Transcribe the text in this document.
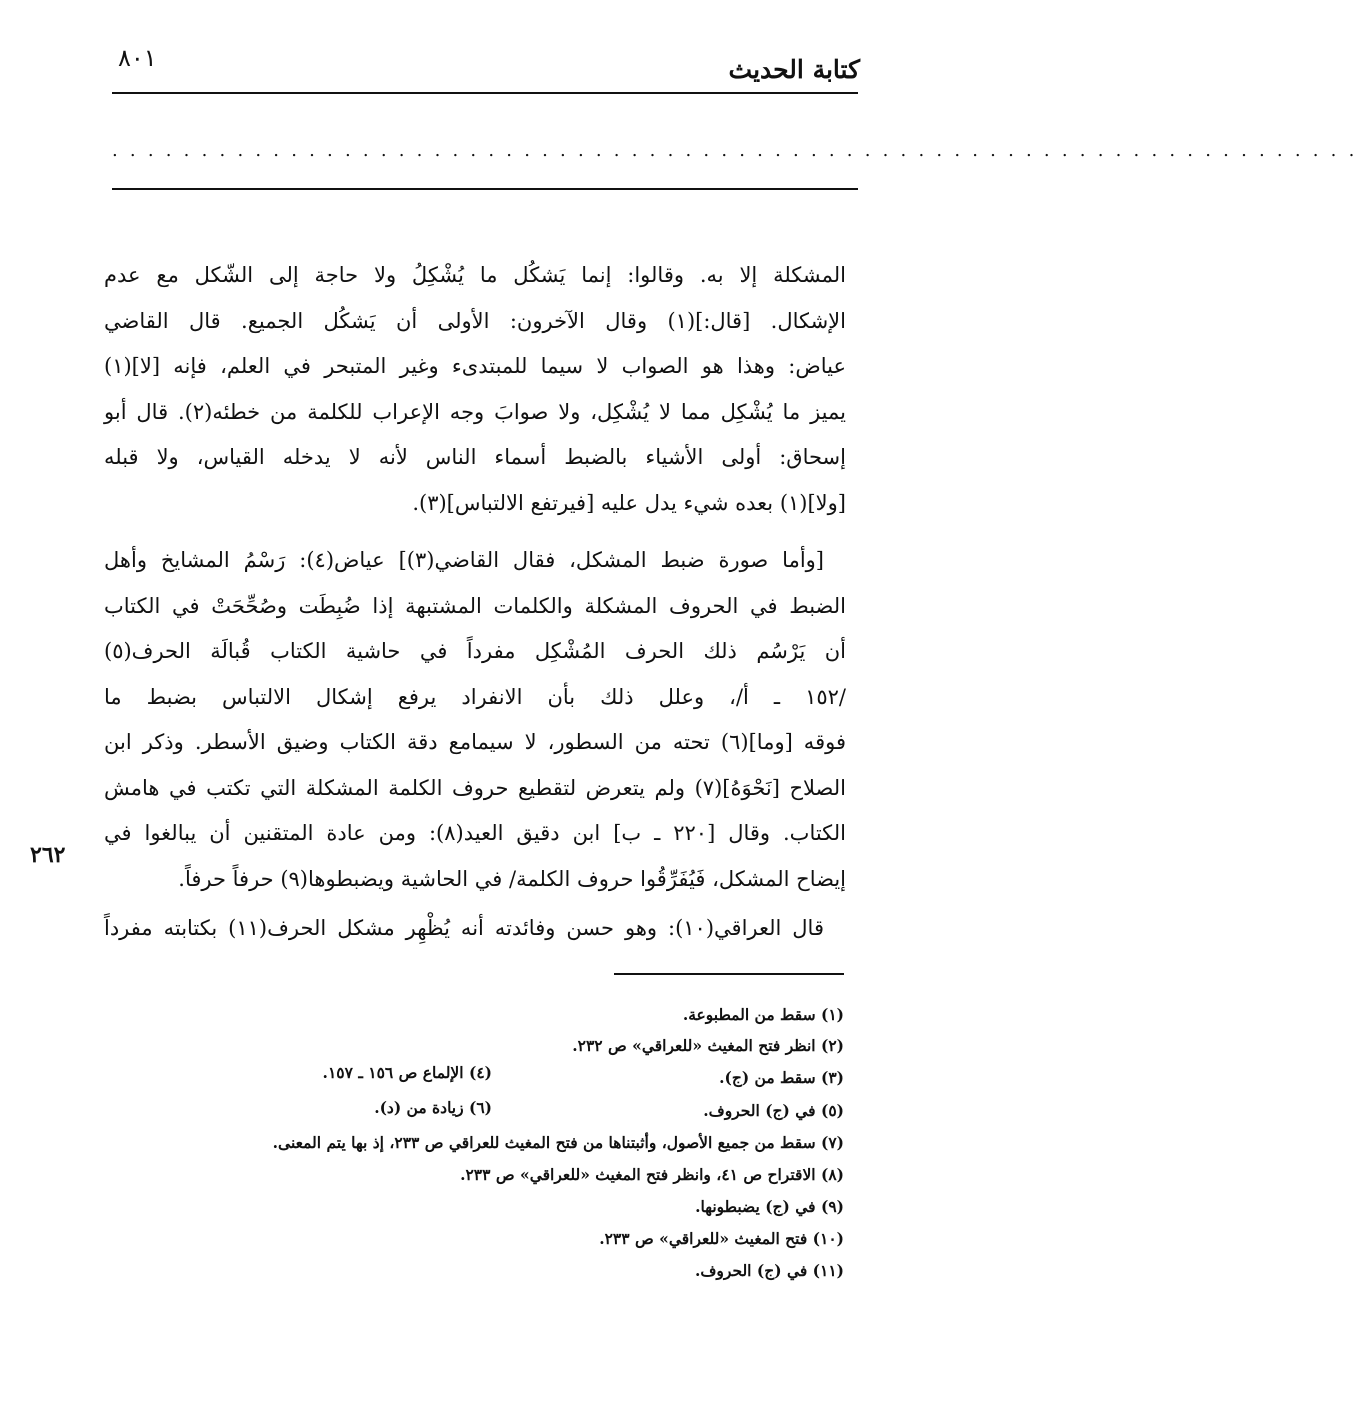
كتابة الحديث
٨٠١
......................................................................
المشكلة إلا به. وقالوا: إنما يَشكُل ما يُشْكِلُ ولا حاجة إلى الشّكل مع عدم
الإشكال. [قال:](١) وقال الآخرون: الأولى أن يَشكُل الجميع. قال القاضي
عياض: وهذا هو الصواب لا سيما للمبتدىء وغير المتبحر في العلم، فإنه [لا](١)
يميز ما يُشْكِل مما لا يُشْكِل، ولا صوابَ وجه الإعراب للكلمة من خطئه(٢). قال أبو
إسحاق: أولى الأشياء بالضبط أسماء الناس لأنه لا يدخله القياس، ولا قبله
[ولا](١) بعده شيء يدل عليه [فيرتفع الالتباس](٣).
[وأما صورة ضبط المشكل، فقال القاضي(٣)] عياض(٤): رَسْمُ المشايخ وأهل
الضبط في الحروف المشكلة والكلمات المشتبهة إذا ضُبِطَت وصُحِّحَتْ في الكتاب
أن يَرْسُم ذلك الحرف المُشْكِل مفرداً في حاشية الكتاب قُبالَة الحرف(٥)
/١٥٢ ـ أ/، وعلل ذلك بأن الانفراد يرفع إشكال الالتباس بضبط ما
فوقه [وما](٦) تحته من السطور، لا سيمامع دقة الكتاب وضيق الأسطر. وذكر ابن
الصلاح [نَحْوَهُ](٧) ولم يتعرض لتقطيع حروف الكلمة المشكلة التي تكتب في هامش
الكتاب. وقال [٢٢٠ ـ ب] ابن دقيق العيد(٨): ومن عادة المتقنين أن يبالغوا في
إيضاح المشكل، فَيُفَرِّقُوا حروف الكلمة/ في الحاشية ويضبطوها(٩) حرفاً حرفاً.
قال العراقي(١٠): وهو حسن وفائدته أنه يُظْهِر مشكل الحرف(١١) بكتابته مفرداً
٢٦٢
(١) سقط من المطبوعة.
(٢) انظر فتح المغيث «للعراقي» ص ٢٣٢.
(٣) سقط من (ج).
(٤) الإلماع ص ١٥٦ ـ ١٥٧.
(٥) في (ج) الحروف.
(٦) زيادة من (د).
(٧) سقط من جميع الأصول، وأثبتناها من فتح المغيث للعراقي ص ٢٣٣، إذ بها يتم المعنى.
(٨) الاقتراح ص ٤١، وانظر فتح المغيث «للعراقي» ص ٢٣٣.
(٩) في (ج) يضبطونها.
(١٠) فتح المغيث «للعراقي» ص ٢٣٣.
(١١) في (ج) الحروف.
